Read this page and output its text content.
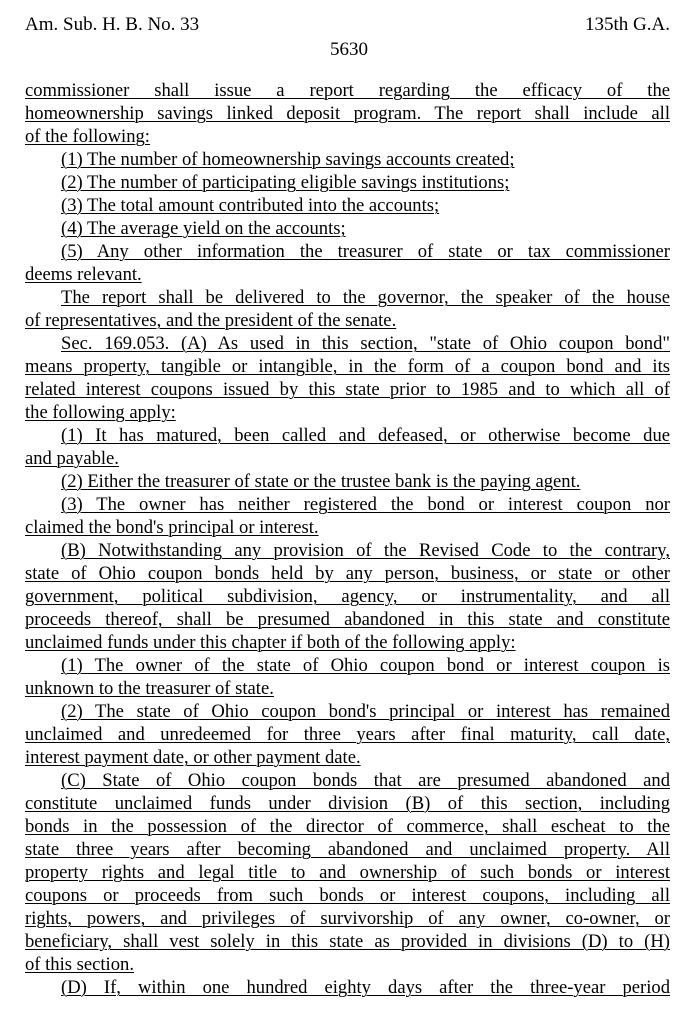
Am. Sub. H. B. No. 33	135th G.A.
5630
commissioner shall issue a report regarding the efficacy of the
homeownership savings linked deposit program. The report shall include all
of the following:
(1) The number of homeownership savings accounts created;
(2) The number of participating eligible savings institutions;
(3) The total amount contributed into the accounts;
(4) The average yield on the accounts;
(5) Any other information the treasurer of state or tax commissioner
deems relevant.
The report shall be delivered to the governor, the speaker of the house
of representatives, and the president of the senate.
Sec. 169.053. (A) As used in this section, "state of Ohio coupon bond"
means property, tangible or intangible, in the form of a coupon bond and its
related interest coupons issued by this state prior to 1985 and to which all of
the following apply:
(1) It has matured, been called and defeased, or otherwise become due
and payable.
(2) Either the treasurer of state or the trustee bank is the paying agent.
(3) The owner has neither registered the bond or interest coupon nor
claimed the bond's principal or interest.
(B) Notwithstanding any provision of the Revised Code to the contrary,
state of Ohio coupon bonds held by any person, business, or state or other
government, political subdivision, agency, or instrumentality, and all
proceeds thereof, shall be presumed abandoned in this state and constitute
unclaimed funds under this chapter if both of the following apply:
(1) The owner of the state of Ohio coupon bond or interest coupon is
unknown to the treasurer of state.
(2) The state of Ohio coupon bond's principal or interest has remained
unclaimed and unredeemed for three years after final maturity, call date,
interest payment date, or other payment date.
(C) State of Ohio coupon bonds that are presumed abandoned and
constitute unclaimed funds under division (B) of this section, including
bonds in the possession of the director of commerce, shall escheat to the
state three years after becoming abandoned and unclaimed property. All
property rights and legal title to and ownership of such bonds or interest
coupons or proceeds from such bonds or interest coupons, including all
rights, powers, and privileges of survivorship of any owner, co-owner, or
beneficiary, shall vest solely in this state as provided in divisions (D) to (H)
of this section.
(D) If, within one hundred eighty days after the three-year period
